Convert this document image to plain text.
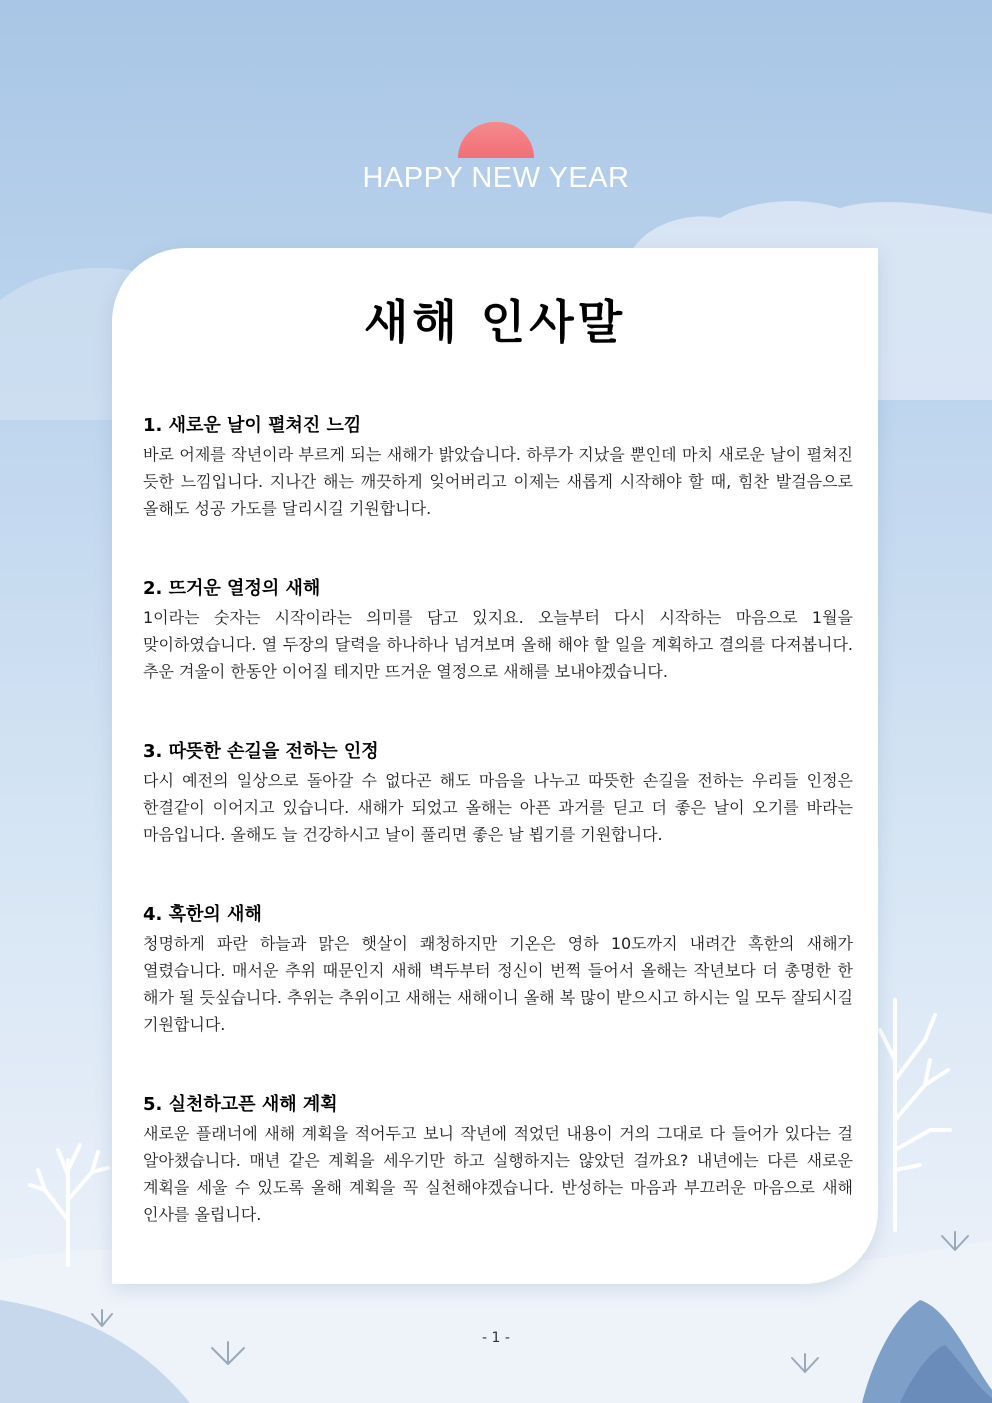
HAPPY NEW YEAR
새해 인사말
1. 새로운 날이 펼쳐진 느낌

바로 어제를 작년이라 부르게 되는 새해가 밝았습니다. 하루가 지났을 뿐인데 마치 새로운 날이 펼쳐진 듯한 느낌입니다. 지나간 해는 깨끗하게 잊어버리고 이제는 새롭게 시작해야 할 때, 힘찬 발걸음으로 올해도 성공 가도를 달리시길 기원합니다.

2. 뜨거운 열정의 새해

1이라는 숫자는 시작이라는 의미를 담고 있지요. 오늘부터 다시 시작하는 마음으로 1월을 맞이하였습니다. 열 두장의 달력을 하나하나 넘겨보며 올해 해야 할 일을 계획하고 결의를 다져봅니다. 추운 겨울이 한동안 이어질 테지만 뜨거운 열정으로 새해를 보내야겠습니다.

3. 따뜻한 손길을 전하는 인정

다시 예전의 일상으로 돌아갈 수 없다곤 해도 마음을 나누고 따뜻한 손길을 전하는 우리들 인정은 한결같이 이어지고 있습니다. 새해가 되었고 올해는 아픈 과거를 딛고 더 좋은 날이 오기를 바라는 마음입니다. 올해도 늘 건강하시고 날이 풀리면 좋은 날 뵙기를 기원합니다.

4. 혹한의 새해

청명하게 파란 하늘과 맑은 햇살이 쾌청하지만 기온은 영하 10도까지 내려간 혹한의 새해가 열렸습니다. 매서운 추위 때문인지 새해 벽두부터 정신이 번쩍 들어서 올해는 작년보다 더 총명한 한 해가 될 듯싶습니다. 추위는 추위이고 새해는 새해이니 올해 복 많이 받으시고 하시는 일 모두 잘되시길 기원합니다.

5. 실천하고픈 새해 계획

새로운 플래너에 새해 계획을 적어두고 보니 작년에 적었던 내용이 거의 그대로 다 들어가 있다는 걸 알아챘습니다. 매년 같은 계획을 세우기만 하고 실행하지는 않았던 걸까요? 내년에는 다른 새로운 계획을 세울 수 있도록 올해 계획을 꼭 실천해야겠습니다. 반성하는 마음과 부끄러운 마음으로 새해 인사를 올립니다.

- 1 -
